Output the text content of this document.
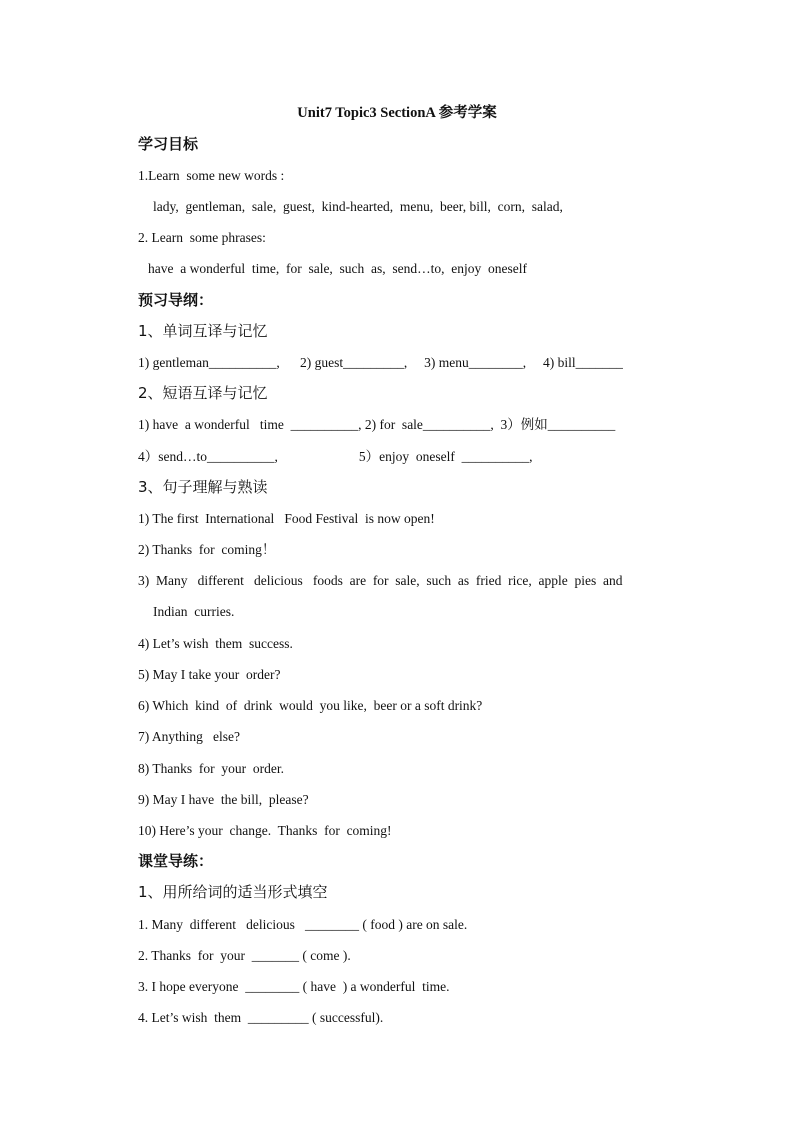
Unit7 Topic3 SectionA 参考学案
学习目标
1.Learn  some new words :
lady,  gentleman,  sale,  guest,  kind-hearted,  menu,  beer, bill,  corn,  salad,
2. Learn  some phrases:
have  a wonderful  time,  for  sale,  such  as,  send…to,  enjoy  oneself
预习导纲：
1、单词互译与记忆
1) gentleman__________,      2) guest_________,     3) menu________,     4) bill_______
2、短语互译与记忆
1) have  a wonderful   time  __________, 2) for  sale__________,  3）例如__________
4）send…to__________,                        5）enjoy  oneself  __________,
3、句子理解与熟读
1) The first  International   Food Festival  is now open!
2) Thanks  for  coming！
3)  Many   different   delicious   foods  are  for  sale,  such  as  fried  rice,  apple  pies  and
Indian  curries.
4) Let’s wish  them  success.
5) May I take your  order?
6) Which  kind  of  drink  would  you like,  beer or a soft drink?
7) Anything   else?
8) Thanks  for  your  order.
9) May I have  the bill,  please?
10) Here’s your  change.  Thanks  for  coming!
课堂导练：
1、用所给词的适当形式填空
1. Many  different   delicious   ________ ( food ) are on sale.
2. Thanks  for  your  _______ ( come ).
3. I hope everyone  ________ ( have  ) a wonderful  time.
4. Let’s wish  them  _________ ( successful).
